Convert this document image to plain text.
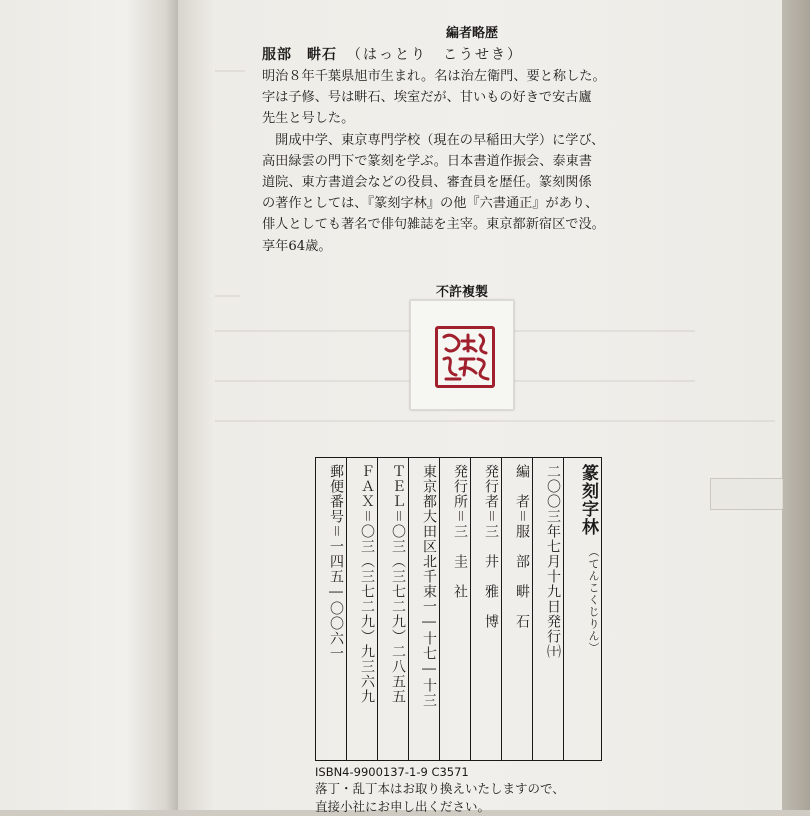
編者略歴
服部　畊石 （はっとり　こうせき）

明治８年千葉県旭市生まれ。名は治左衛門、要と称した。
字は子修、号は畊石、埃室だが、甘いもの好きで安古廬
先生と号した。

　開成中学、東京専門学校（現在の早稲田大学）に学び、
高田緑雲の門下で篆刻を学ぶ。日本書道作振会、泰東書
道院、東方書道会などの役員、審査員を歴任。篆刻関係
の著作としては、『篆刻字林』の他『六書通正』があり、
俳人としても著名で俳句雑誌を主宰。東京都新宿区で没。
享年64歳。

不許複製
篆刻字林
（てんこくじりん）
二〇〇三年七月十九日発行㈩
編　者＝服　部　畊　石
発行者＝三　井　雅　博
発行所＝三　圭　社
東京都大田区北千束一―十七―十三
ＴＥＬ＝〇三（三七二九）二八五五
ＦＡＸ＝〇三（三七二九）九三六九
郵便番号＝一四五―〇〇六一
ISBN4-9900137-1-9 C3571
落丁・乱丁本はお取り換えいたしますので、
直接小社にお申し出ください。
